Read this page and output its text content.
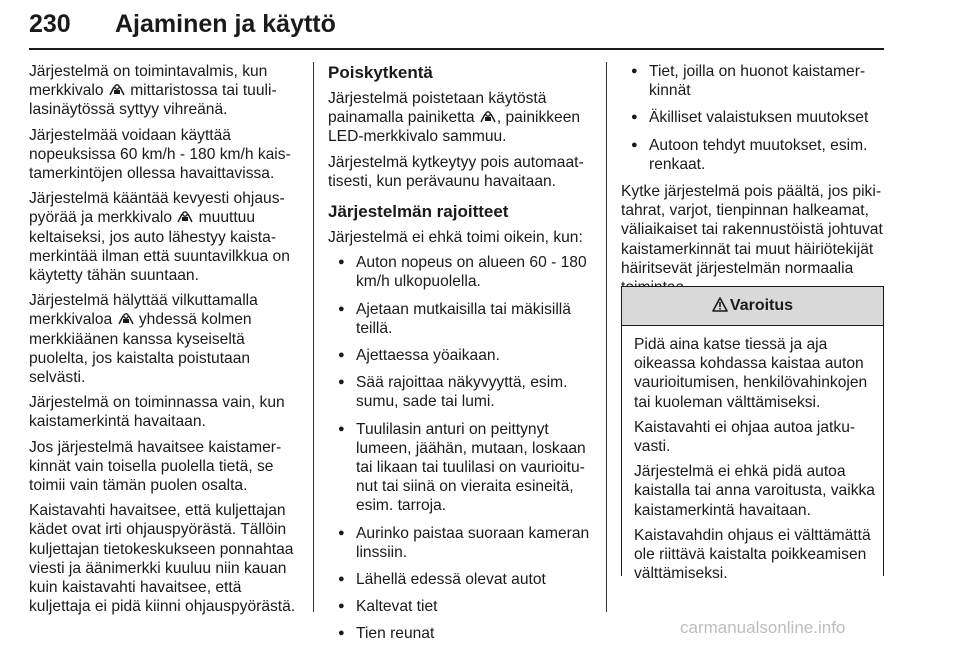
230 Ajaminen ja käyttö

Järjestelmä on toimintavalmis, kun merkkivalo  mittaristossa tai tuulilasinäytössä syttyy vihreänä.

Järjestelmää voidaan käyttää nopeuksissa 60 km/h - 180 km/h kaistamerkintöjen ollessa havaittavissa.

Järjestelmä kääntää kevyesti ohjauspyörää ja merkkivalo  muuttuu keltaiseksi, jos auto lähestyy kaistamerkintää ilman että suuntavilkkua on käytetty tähän suuntaan.

Järjestelmä hälyttää vilkuttamalla merkkivaloa  yhdessä kolmen merkkiäänen kanssa kyseiseltä puolelta, jos kaistalta poistutaan selvästi.

Järjestelmä on toiminnassa vain, kun kaistamerkintä havaitaan.

Jos järjestelmä havaitsee kaistamerkinnät vain toisella puolella tietä, se toimii vain tämän puolen osalta.

Kaistavahti havaitsee, että kuljettajan kädet ovat irti ohjauspyörästä. Tällöin kuljettajan tietokeskukseen ponnahtaa viesti ja äänimerkki kuuluu niin kauan kuin kaistavahti havaitsee, että kuljettaja ei pidä kiinni ohjauspyörästä.

Poiskytkentä

Järjestelmä poistetaan käytöstä painamalla painiketta , painikkeen LED-merkkivalo sammuu.

Järjestelmä kytkeytyy pois automaattisesti, kun perävaunu havaitaan.

Järjestelmän rajoitteet

Järjestelmä ei ehkä toimi oikein, kun:

● Auton nopeus on alueen 60 - 180 km/h ulkopuolella.
● Ajetaan mutkaisilla tai mäkisillä teillä.
● Ajettaessa yöaikaan.
● Sää rajoittaa näkyvyyttä, esim. sumu, sade tai lumi.
● Tuulilasin anturi on peittynyt lumeen, jäähän, mutaan, loskaan tai likaan tai tuulilasi on vaurioitunut tai siinä on vieraita esineitä, esim. tarroja.
● Aurinko paistaa suoraan kameran linssiin.
● Lähellä edessä olevat autot
● Kaltevat tiet
● Tien reunat
● Tiet, joilla on huonot kaistamerkinnät
● Äkilliset valaistuksen muutokset
● Autoon tehdyt muutokset, esim. renkaat.

Kytke järjestelmä pois päältä, jos pikitahrat, varjot, tienpinnan halkeamat, väliaikaiset tai rakennustöistä johtuvat kaistamerkinnät tai muut häiriötekijät häiritsevät järjestelmän normaalia

Varoitus

Pidä aina katse tiessä ja aja oikeassa kohdassa kaistaa auton vaurioitumisen, henkilövahinkojen tai kuoleman välttämiseksi.

Kaistavahti ei ohjaa autoa jatkuvasti.

Järjestelmä ei ehkä pidä autoa kaistalla tai anna varoitusta, vaikka kaistamerkintä havaitaan.

Kaistavahdin ohjaus ei välttämättä ole riittävä kaistalta poikkeamisen välttämiseksi.

carmanualsonline.info
